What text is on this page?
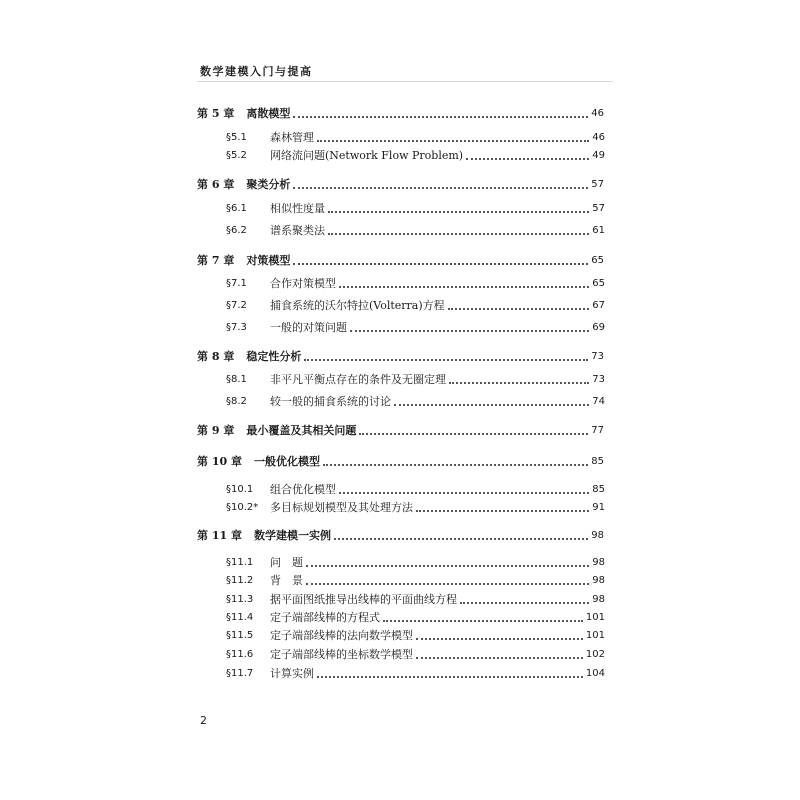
数学建模入门与提高
第 5 章 离散模型	46
§5.1	森林管理	46
§5.2	网络流问题(Network Flow Problem)	49
第 6 章 聚类分析	57
§6.1	相似性度量	57
§6.2	谱系聚类法	61
第 7 章 对策模型	65
§7.1	合作对策模型	65
§7.2	捕食系统的沃尔特拉(Volterra)方程	67
§7.3	一般的对策问题	69
第 8 章 稳定性分析	73
§8.1	非平凡平衡点存在的条件及无圈定理	73
§8.2	较一般的捕食系统的讨论	74
第 9 章 最小覆盖及其相关问题	77
第 10 章 一般优化模型	85
§10.1	组合优化模型	85
§10.2*	多目标规划模型及其处理方法	91
第 11 章 数学建模一实例	98
§11.1	问　题	98
§11.2	背　景	98
§11.3	据平面图纸推导出线棒的平面曲线方程	98
§11.4	定子端部线棒的方程式	101
§11.5	定子端部线棒的法向数学模型	101
§11.6	定子端部线棒的坐标数学模型	102
§11.7	计算实例	104
2
